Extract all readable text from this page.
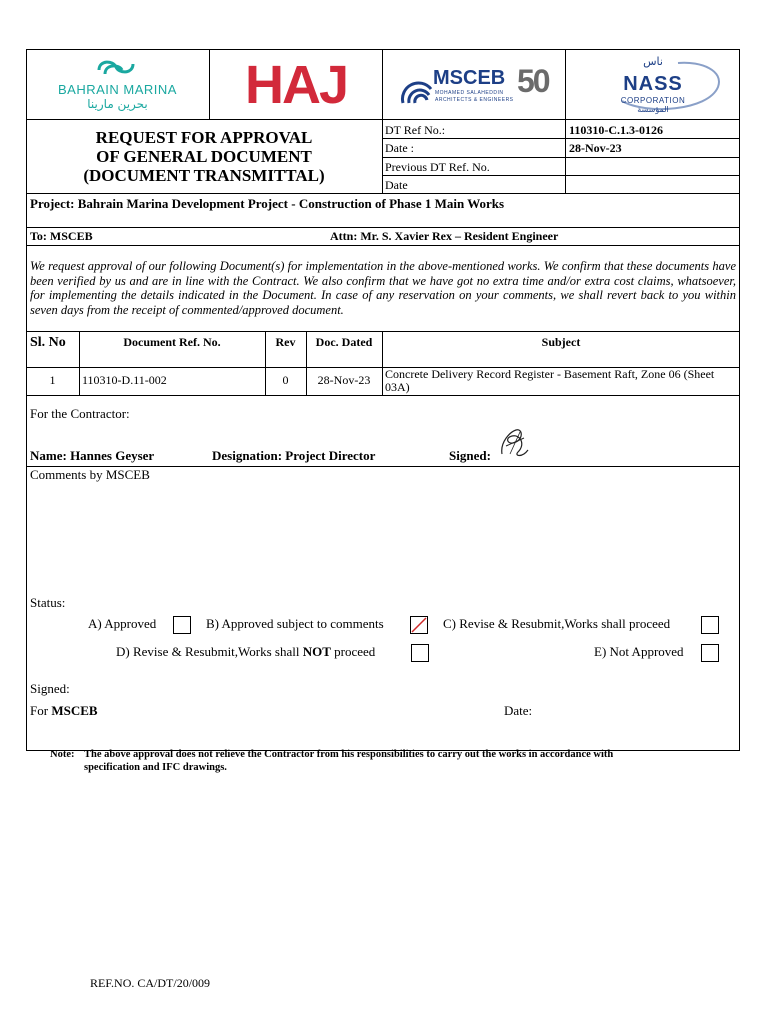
BAHRAIN MARINA
بحرين مارينا	HAJ	MSCEB
MOHAMED SALAHEDDIN
ARCHITECTS & ENGINEERS
50
ناس
NASS
CORPORATION
المؤسسة
REQUEST FOR APPROVAL
OF GENERAL DOCUMENT
(DOCUMENT TRANSMITTAL)
DT Ref No.:	110310-C.1.3-0126
Date :	28-Nov-23
Previous DT Ref. No.
Date
Project: Bahrain Marina Development Project - Construction of Phase 1 Main Works
To: MSCEB	Attn: Mr. S. Xavier Rex – Resident Engineer
We request approval of our following Document(s) for implementation in the above-mentioned works. We confirm that these documents have been verified by us and are in line with the Contract. We also confirm that we have got no extra time and/or extra cost claims, whatsoever, for implementing the details indicated in the Document. In case of any reservation on your comments, we shall revert back to you within seven days from the receipt of commented/approved document.
Sl. No	Document Ref. No.	Rev	Doc. Dated	Subject
1	110310-D.11-002	0	28-Nov-23	Concrete Delivery Record Register - Basement Raft, Zone 06 (Sheet 03A)
For the Contractor:
Name: Hannes Geyser	Designation: Project Director	Signed:
Comments by MSCEB
Status:
A) Approved	B) Approved subject to comments	C) Revise & Resubmit,Works shall proceed
D) Revise & Resubmit,Works shall NOT proceed	E) Not Approved
Signed:
For MSCEB	Date:
Note: The above approval does not relieve the Contractor from his responsibilities to carry out the works in accordance with
specification and IFC drawings.
REF.NO. CA/DT/20/009
